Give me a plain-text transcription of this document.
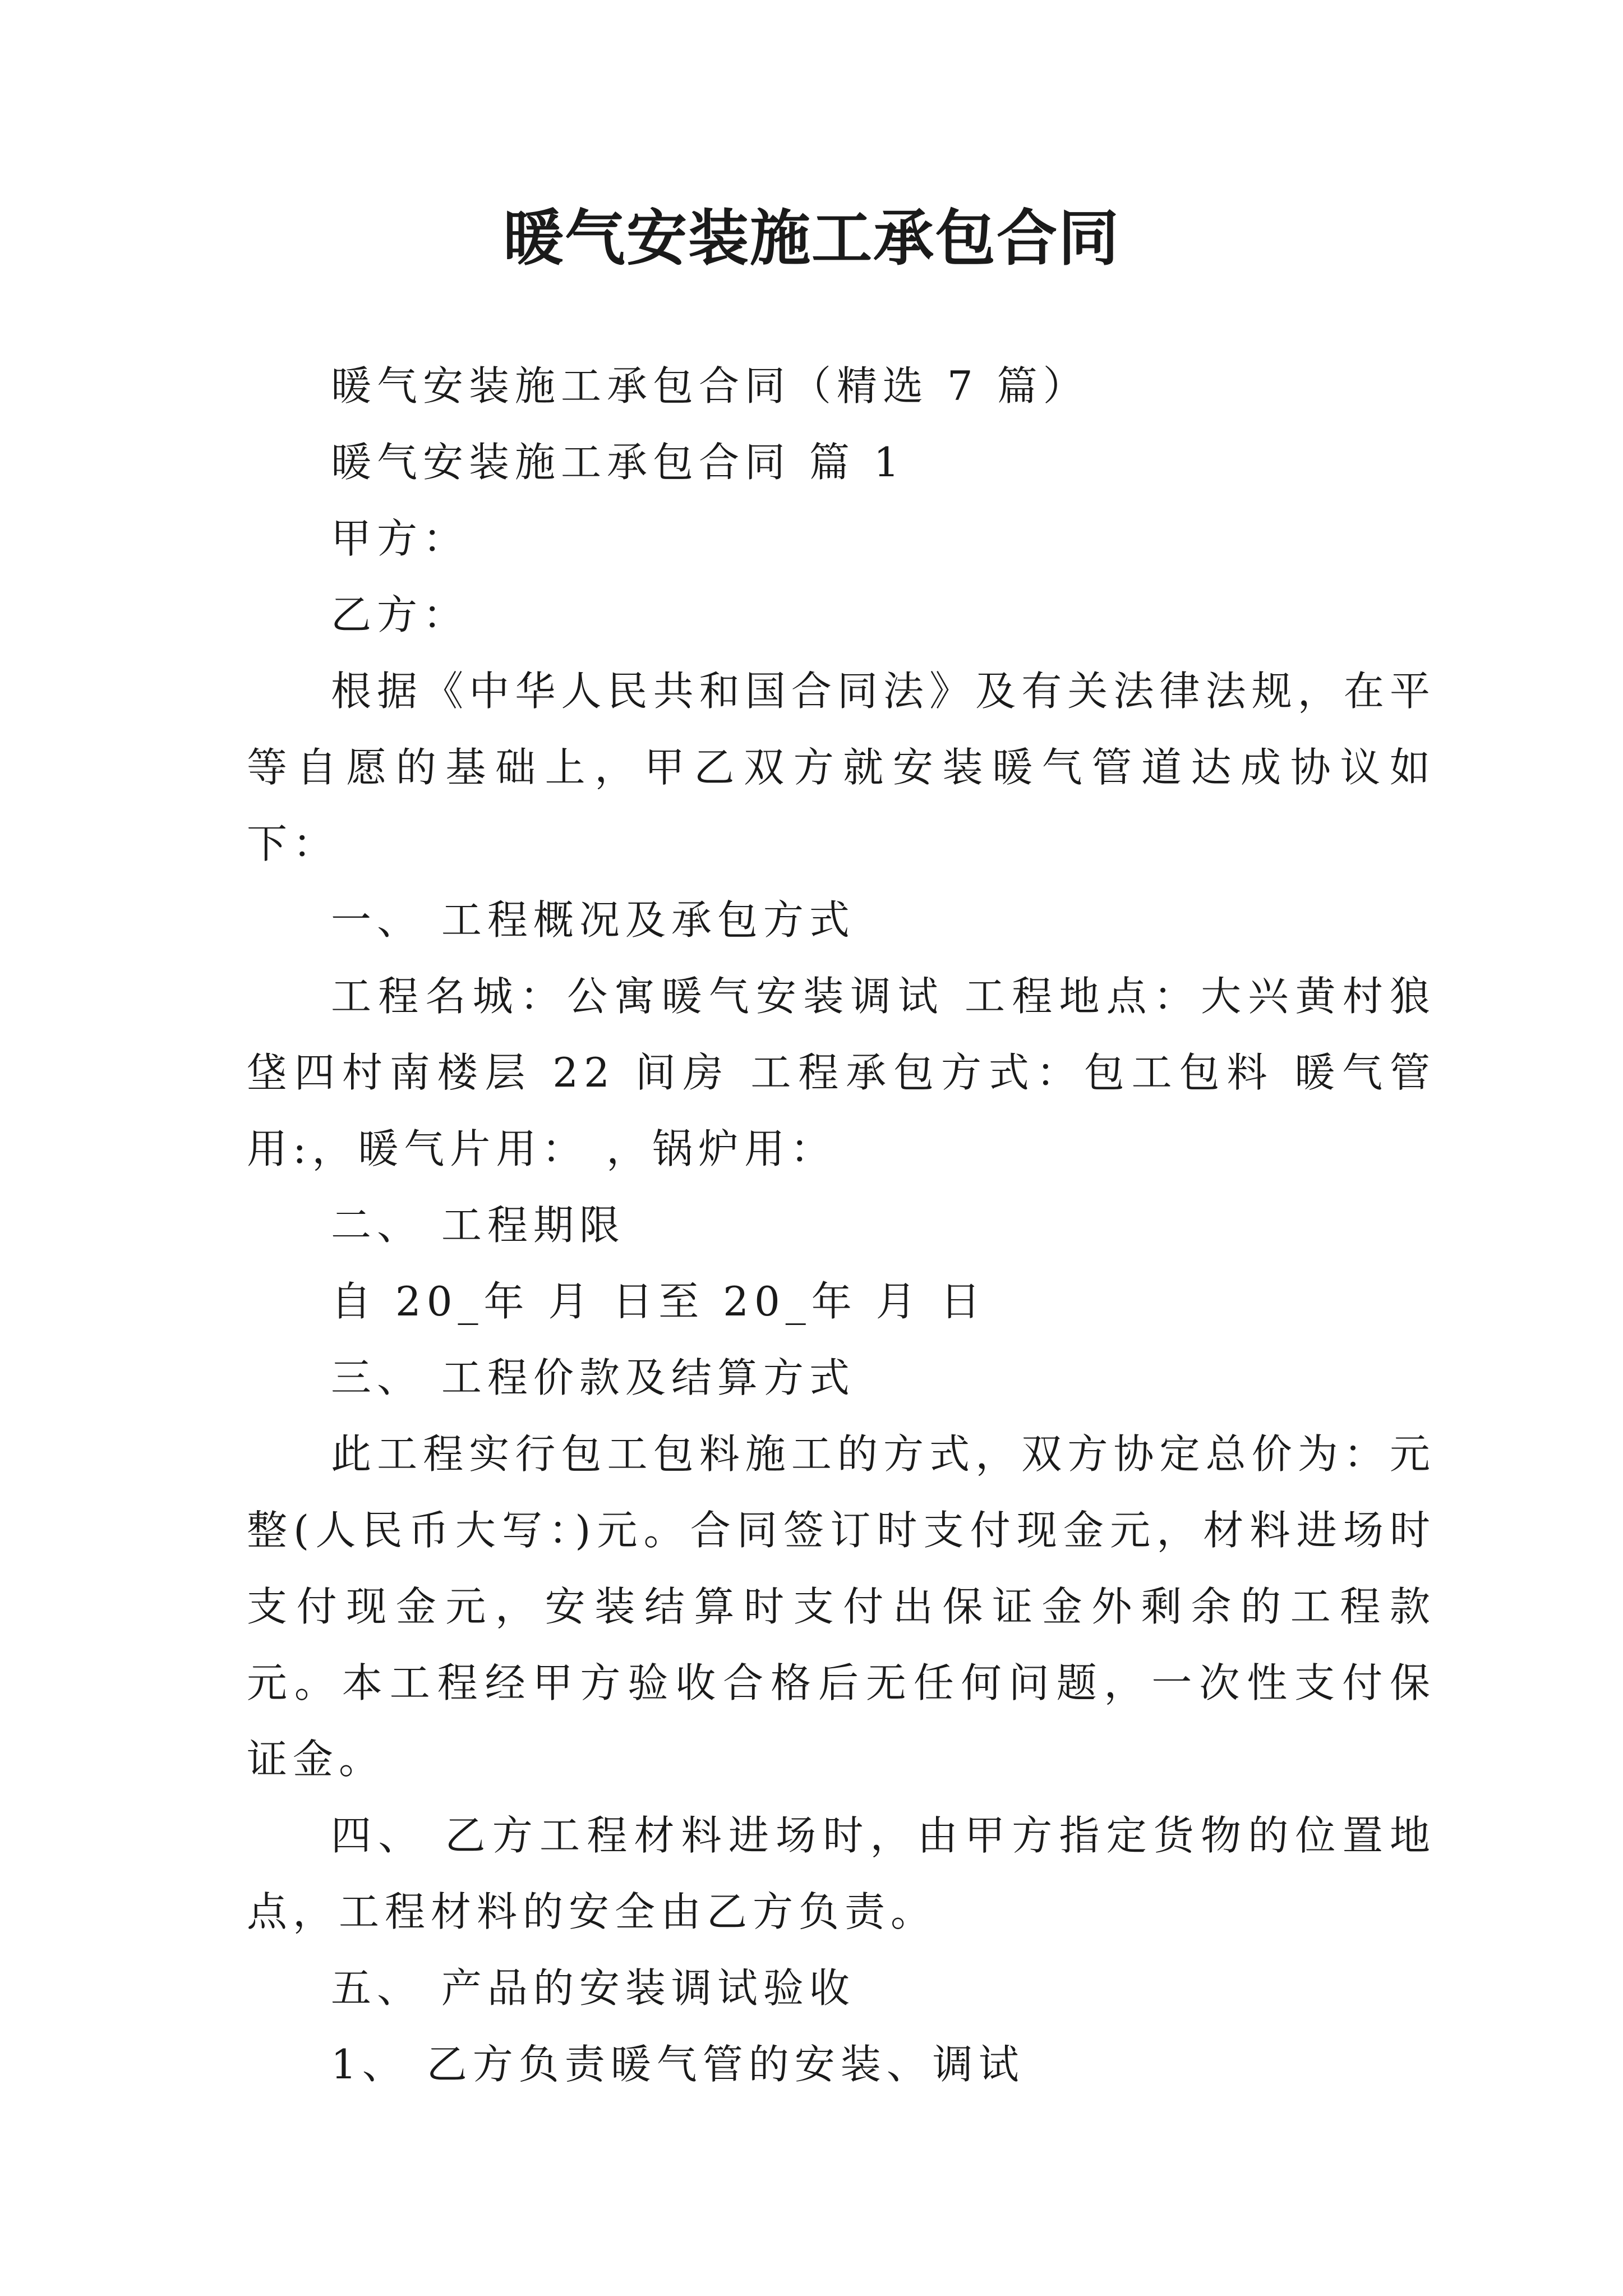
暖气安装施工承包合同

暖气安装施工承包合同（精选 7 篇）

暖气安装施工承包合同 篇 1

甲方：

乙方：

根据《中华人民共和国合同法》及有关法律法规，在平等自愿的基础上，甲乙双方就安装暖气管道达成协议如下：

一、 工程概况及承包方式

工程名城：公寓暖气安装调试 工程地点：大兴黄村狼垡四村南楼层 22 间房 工程承包方式：包工包料 暖气管用:，暖气片用： ，锅炉用：

二、 工程期限

自 20_年 月 日至 20_年 月 日

三、 工程价款及结算方式

此工程实行包工包料施工的方式，双方协定总价为：元整(人民币大写：)元。合同签订时支付现金元，材料进场时支付现金元，安装结算时支付出保证金外剩余的工程款元。本工程经甲方验收合格后无任何问题，一次性支付保证金。

四、 乙方工程材料进场时，由甲方指定货物的位置地点，工程材料的安全由乙方负责。

五、 产品的安装调试验收

1、 乙方负责暖气管的安装、调试
